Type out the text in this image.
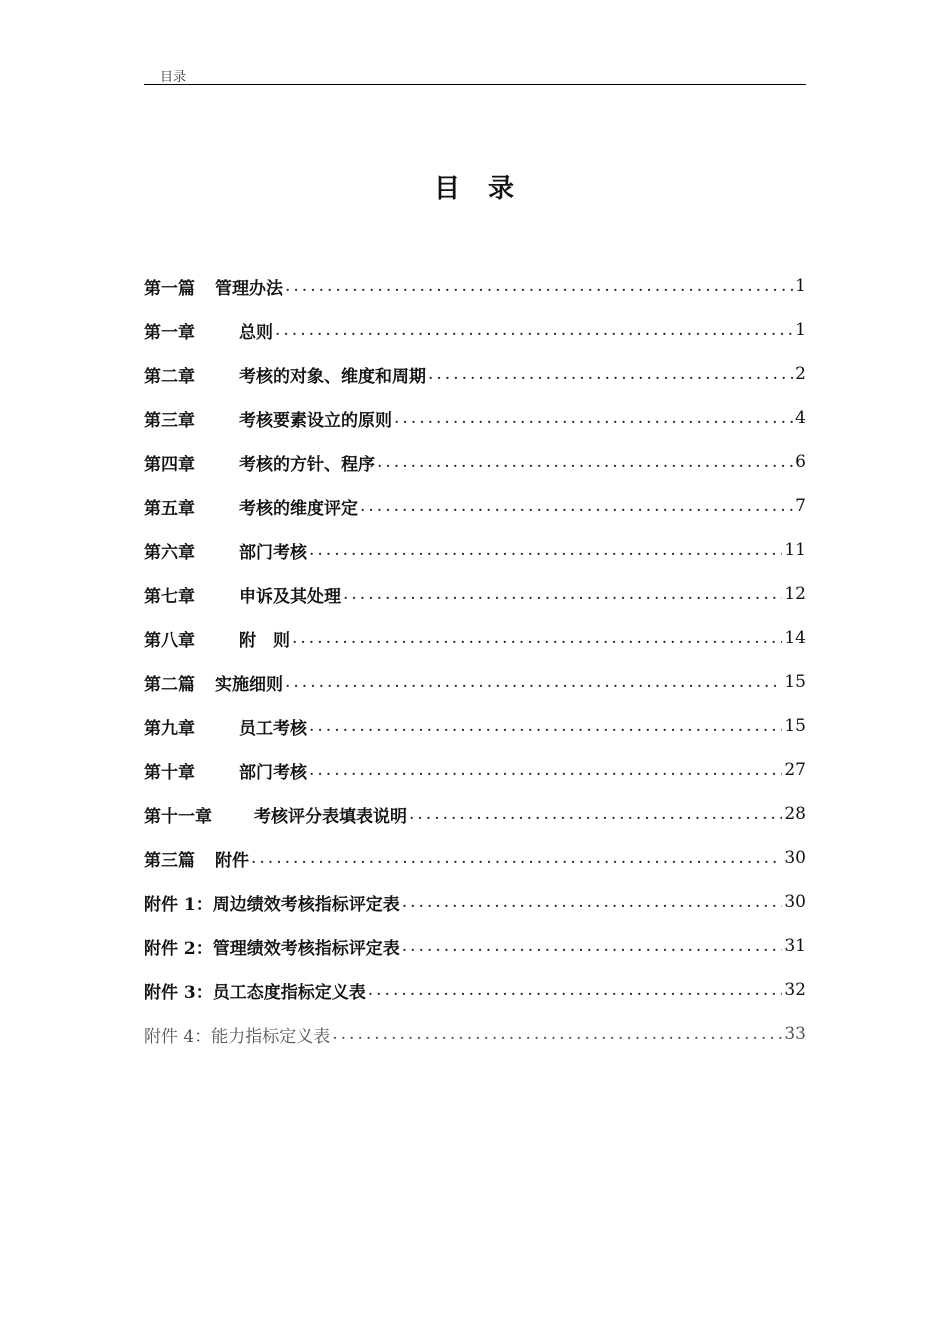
目录
目 录
第一篇 管理办法 .....	1
第一章	总则 .....	1
第二章	考核的对象、维度和周期 .....	2
第三章	考核要素设立的原则 .....	4
第四章	考核的方针、程序 .....	6
第五章	考核的维度评定 .....	7
第六章	部门考核 .....	11
第七章	申诉及其处理 .....	12
第八章	附　则 .....	14
第二篇 实施细则 .....	15
第九章	员工考核 .....	15
第十章	部门考核 .....	27
第十一章 考核评分表填表说明 .....	28
第三篇 附件 .....	30
附件 1：周边绩效考核指标评定表 .....	30
附件 2：管理绩效考核指标评定表 .....	31
附件 3：员工态度指标定义表 .....	32
附件 4：能力指标定义表 .....	33
